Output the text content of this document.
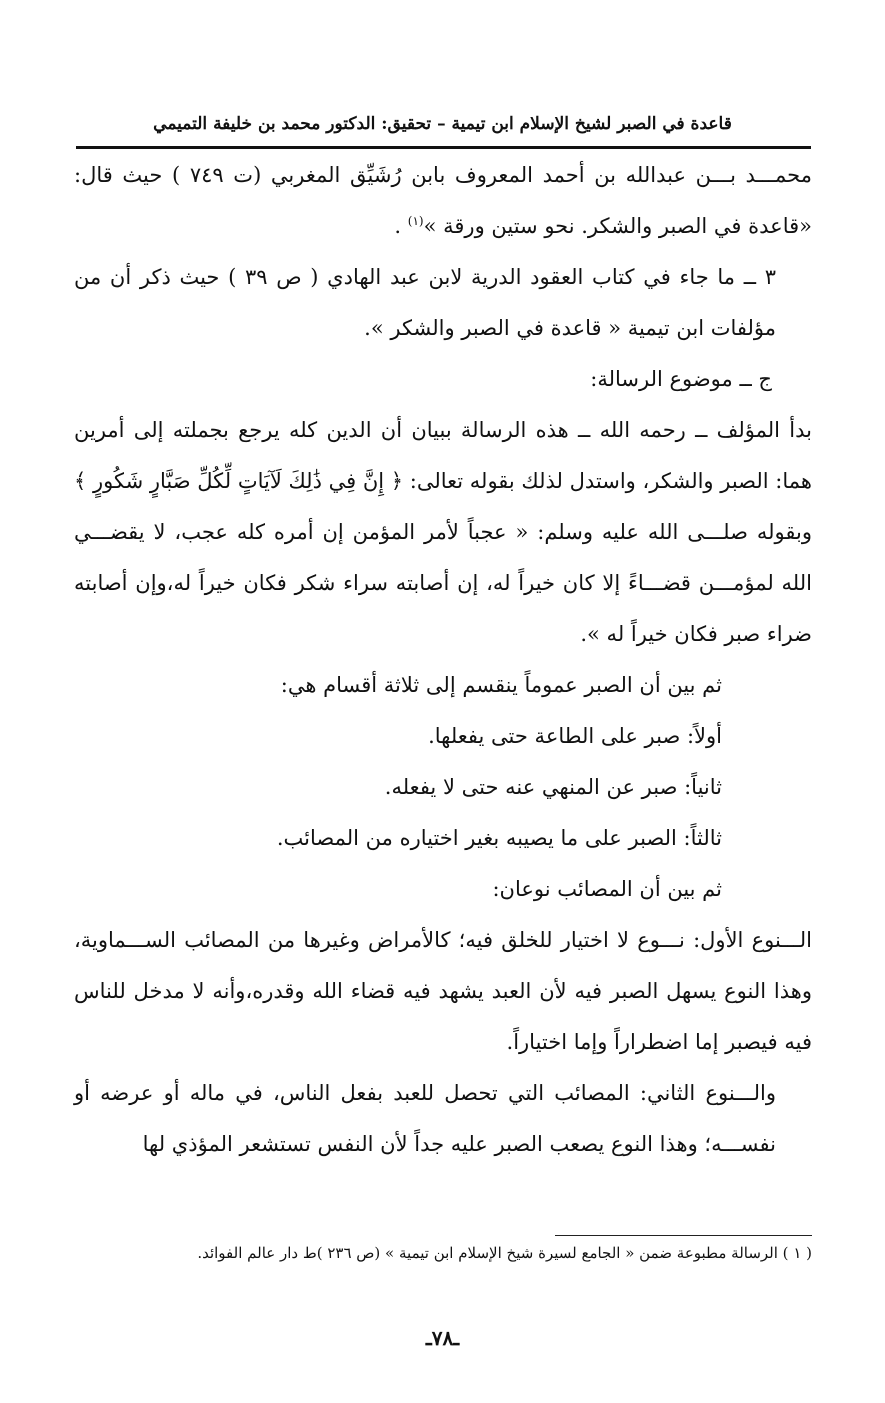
قاعدة في الصبر لشيخ الإسلام ابن تيمية – تحقيق: الدكتور محمد بن خليفة التميمي

محمـــد بـــن عبدالله بن أحمد المعروف بابن رُشَيِّق المغربي (ت ٧٤٩ ) حيث قال: «قاعدة في الصبر والشكر. نحو ستين ورقة »$^{(١)}$ .

٣ ــ ما جاء في كتاب العقود الدرية لابن عبد الهادي ( ص ٣٩ ) حيث ذكر أن من مؤلفات ابن تيمية « قاعدة في الصبر والشكر ».

ج ــ موضوع الرسالة:

بدأ المؤلف ــ رحمه الله ــ هذه الرسالة ببيان أن الدين كله يرجع بجملته إلى أمرين هما: الصبر والشكر، واستدل لذلك بقوله تعالى: ﴿ إِنَّ فِي ذَٰلِكَ لَآيَاتٍ لِّكُلِّ صَبَّارٍ شَكُورٍ ﴾ وبقوله صلـــى الله عليه وسلم: « عجباً لأمر المؤمن إن أمره كله عجب، لا يقضـــي الله لمؤمـــن قضـــاءً إلا كان خيراً له، إن أصابته سراء شكر فكان خيراً له،وإن أصابته ضراء صبر فكان خيراً له ».

ثم بين أن الصبر عموماً ينقسم إلى ثلاثة أقسام هي:

أولاً: صبر على الطاعة حتى يفعلها.

ثانياً: صبر عن المنهي عنه حتى لا يفعله.

ثالثاً: الصبر على ما يصيبه بغير اختياره من المصائب.

ثم بين أن المصائب نوعان:

الـــنوع الأول: نـــوع لا اختيار للخلق فيه؛ كالأمراض وغيرها من المصائب الســـماوية، وهذا النوع يسهل الصبر فيه لأن العبد يشهد فيه قضاء الله وقدره،وأنه لا مدخل للناس فيه فيصبر إما اضطراراً وإما اختياراً.

والـــنوع الثاني: المصائب التي تحصل للعبد بفعل الناس، في ماله أو عرضه أو نفســـه؛ وهذا النوع يصعب الصبر عليه جداً لأن النفس تستشعر المؤذي لها

( ١ ) الرسالة مطبوعة ضمن « الجامع لسيرة شيخ الإسلام ابن تيمية » (ص ٢٣٦ )ط دار عالم الفوائد.
ـ٧٨ـ
